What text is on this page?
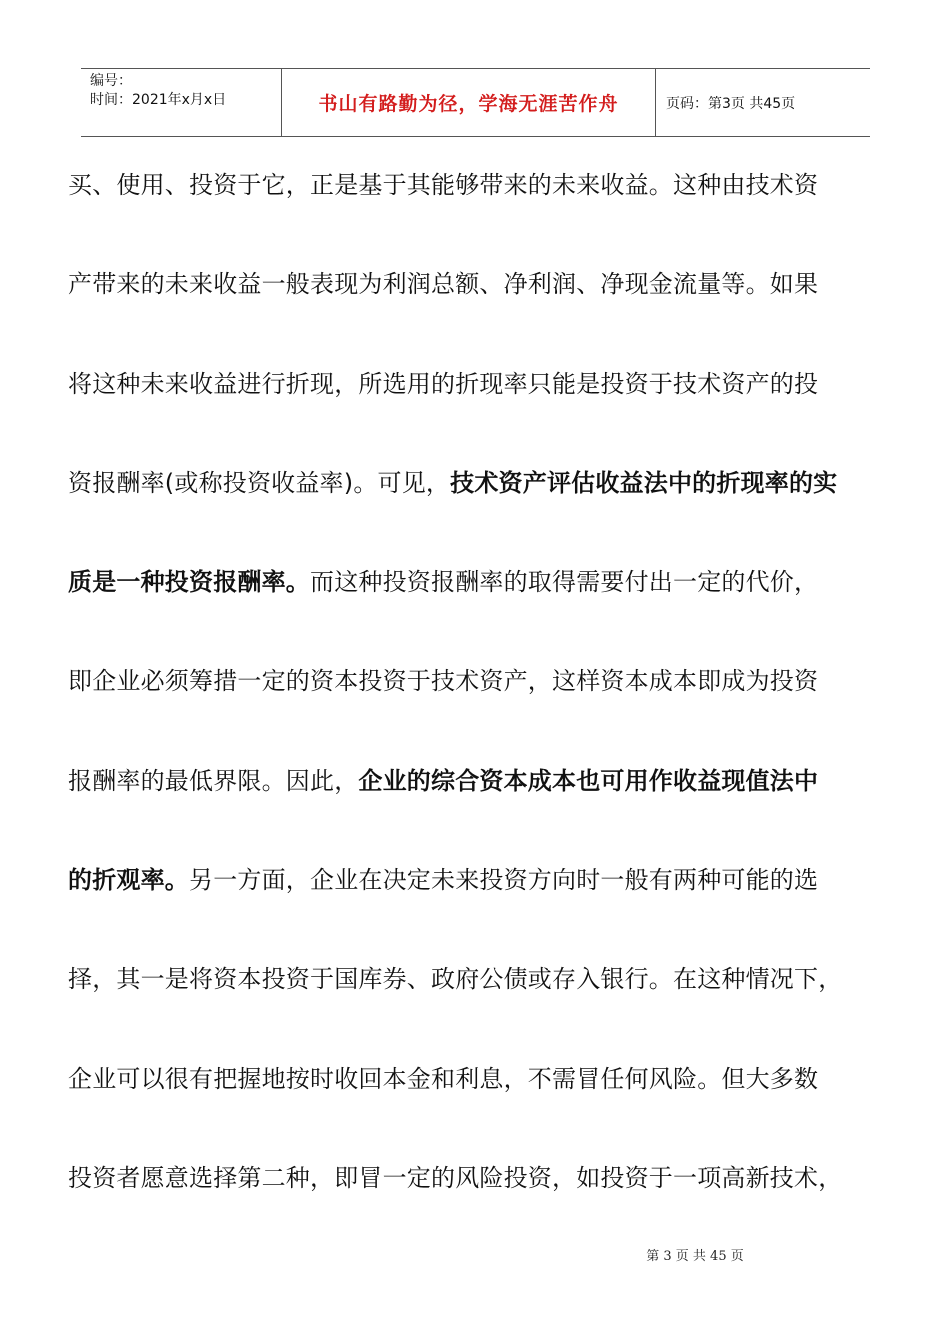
编号：
时间：2021年x月x日	书山有路勤为径，学海无涯苦作舟	页码：第3页 共45页
买、使用、投资于它，正是基于其能够带来的未来收益。这种由技术资
产带来的未来收益一般表现为利润总额、净利润、净现金流量等。如果
将这种未来收益进行折现，所选用的折现率只能是投资于技术资产的投
资报酬率(或称投资收益率)。可见，技术资产评估收益法中的折现率的实
质是一种投资报酬率。而这种投资报酬率的取得需要付出一定的代价，
即企业必须筹措一定的资本投资于技术资产，这样资本成本即成为投资
报酬率的最低界限。因此，企业的综合资本成本也可用作收益现值法中
的折观率。另一方面，企业在决定未来投资方向时一般有两种可能的选
择，其一是将资本投资于国库券、政府公债或存入银行。在这种情况下，
企业可以很有把握地按时收回本金和利息，不需冒任何风险。但大多数
投资者愿意选择第二种，即冒一定的风险投资，如投资于一项高新技术，
第 3 页 共 45 页
